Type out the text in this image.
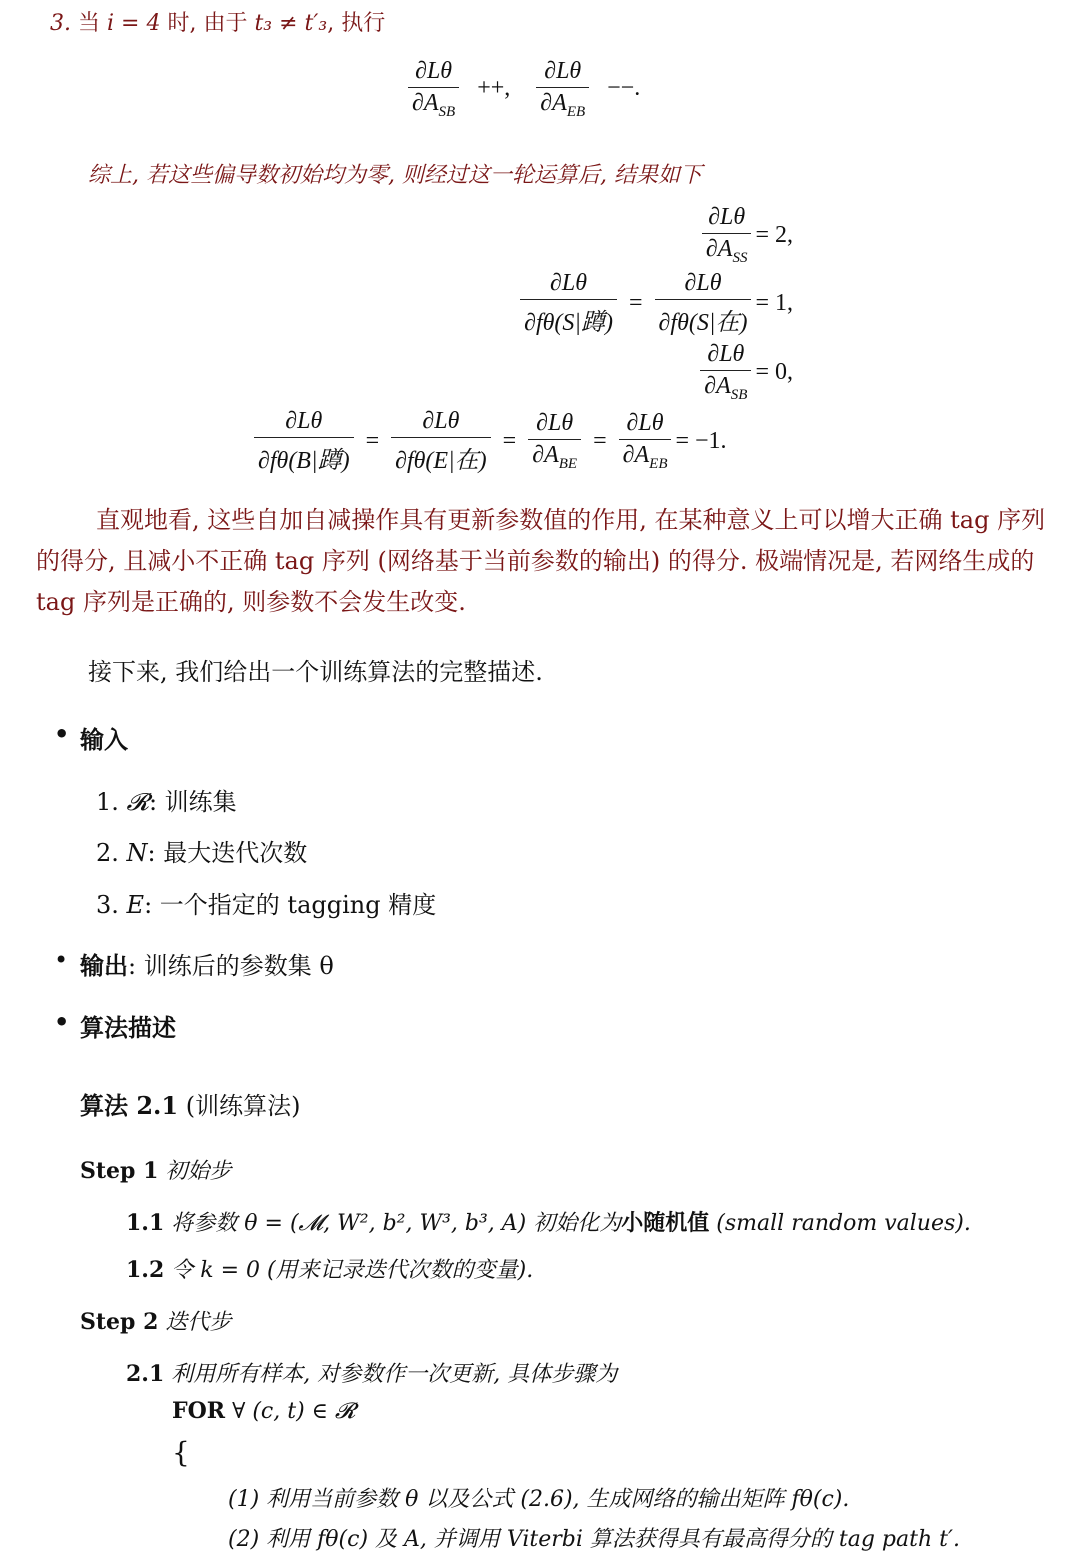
3. 当 i = 4 时, 由于 t₃ ≠ t′₃, 执行
$\frac{\partial L\theta}{\partial A_{SB}}$ ++, $\frac{\partial L\theta}{\partial A_{EB}}$ −−.
综上, 若这些偏导数初始均为零, 则经过这一轮运算后, 结果如下
$\frac{\partial L\theta}{\partial A_{SS}} = 2$,
$\frac{\partial L\theta}{\text{∂fθ(S|蹲)}} = \frac{\partial L\theta}{\text{∂fθ(S|在)}} = 1$,
$\frac{\partial L\theta}{\partial A_{SB}} = 0$,
$\frac{\partial L\theta}{\text{∂fθ(B|蹲)}} = \frac{\partial L\theta}{\text{∂fθ(E|在)}} = \frac{\partial L\theta}{\partial A_{BE}} = \frac{\partial L\theta}{\partial A_{EB}} = -1$.
直观地看, 这些自加自减操作具有更新参数值的作用, 在某种意义上可以增大正确 tag 序列的得分, 且减小不正确 tag 序列 (网络基于当前参数的输出) 的得分. 极端情况是, 若网络生成的 tag 序列是正确的, 则参数不会发生改变.
接下来, 我们给出一个训练算法的完整描述.
• 输入
1. 𝓡: 训练集
2. N: 最大迭代次数
3. E: 一个指定的 tagging 精度
• 输出: 训练后的参数集 θ
• 算法描述
算法 2.1 (训练算法)
Step 1 初始步
1.1 将参数 θ = (𝓜, W², b², W³, b³, A) 初始化为小随机值 (small random values).
1.2 令 k = 0 (用来记录迭代次数的变量).
Step 2 迭代步
2.1 利用所有样本, 对参数作一次更新, 具体步骤为
FOR ∀ (c, t) ∈ 𝓡
{
(1) 利用当前参数 θ 以及公式 (2.6), 生成网络的输出矩阵 fθ(c).
(2) 利用 fθ(c) 及 A, 并调用 Viterbi 算法获得具有最高得分的 tag path t′.
